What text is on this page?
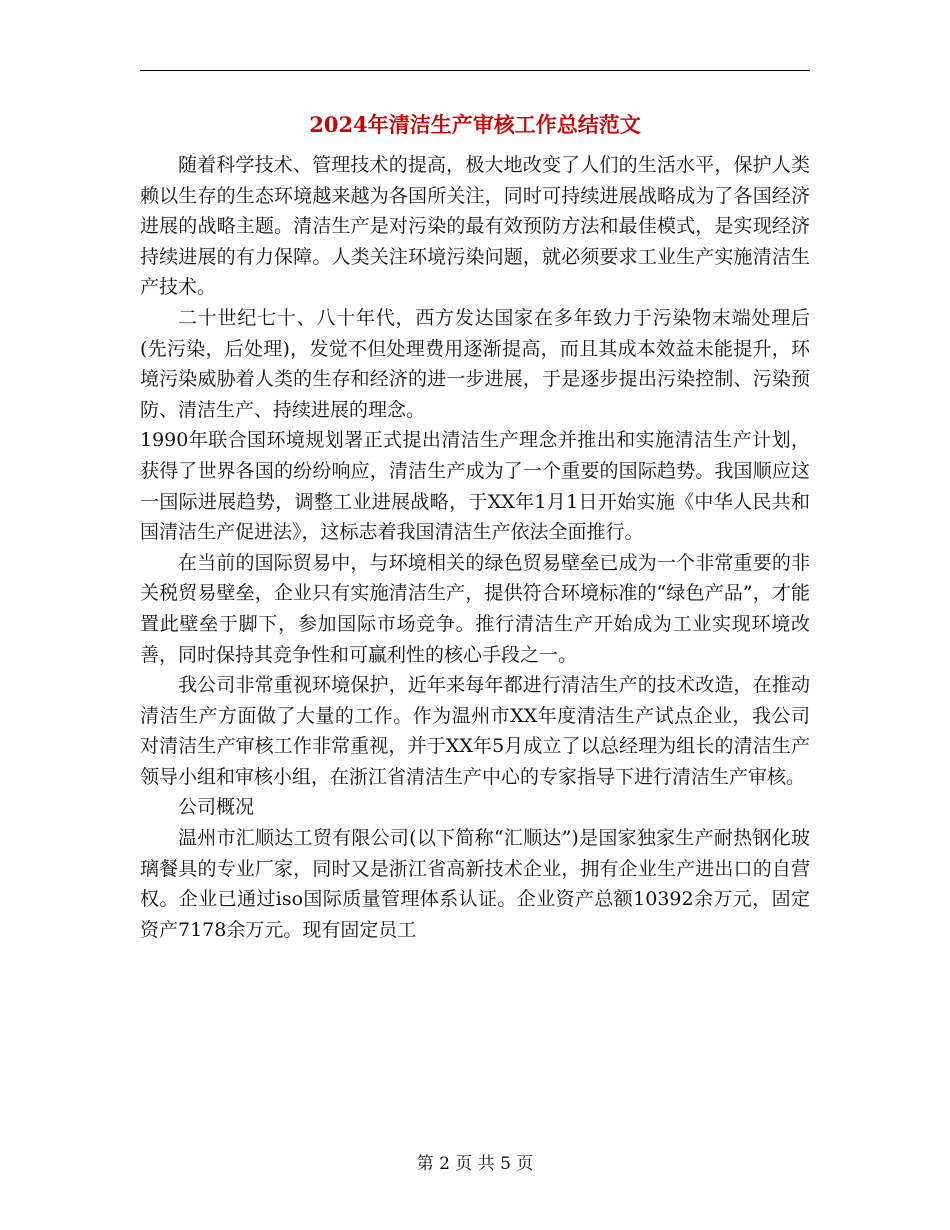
2024年清洁生产审核工作总结范文

随着科学技术、管理技术的提高，极大地改变了人们的生活水平，保护人类赖以生存的生态环境越来越为各国所关注，同时可持续进展战略成为了各国经济进展的战略主题。清洁生产是对污染的最有效预防方法和最佳模式，是实现经济持续进展的有力保障。人类关注环境污染问题，就必须要求工业生产实施清洁生产技术。

二十世纪七十、八十年代，西方发达国家在多年致力于污染物末端处理后(先污染，后处理)，发觉不但处理费用逐渐提高，而且其成本效益未能提升，环境污染威胁着人类的生存和经济的进一步进展，于是逐步提出污染控制、污染预防、清洁生产、持续进展的理念。

1990年联合国环境规划署正式提出清洁生产理念并推出和实施清洁生产计划，获得了世界各国的纷纷响应，清洁生产成为了一个重要的国际趋势。我国顺应这一国际进展趋势，调整工业进展战略，于XX年1月1日开始实施《中华人民共和国清洁生产促进法》，这标志着我国清洁生产依法全面推行。

在当前的国际贸易中，与环境相关的绿色贸易壁垒已成为一个非常重要的非关税贸易壁垒，企业只有实施清洁生产，提供符合环境标准的“绿色产品”，才能置此壁垒于脚下，参加国际市场竞争。推行清洁生产开始成为工业实现环境改善，同时保持其竞争性和可赢利性的核心手段之一。

我公司非常重视环境保护，近年来每年都进行清洁生产的技术改造，在推动清洁生产方面做了大量的工作。作为温州市XX年度清洁生产试点企业，我公司对清洁生产审核工作非常重视，并于XX年5月成立了以总经理为组长的清洁生产领导小组和审核小组，在浙江省清洁生产中心的专家指导下进行清洁生产审核。

公司概况

温州市汇顺达工贸有限公司(以下简称“汇顺达”)是国家独家生产耐热钢化玻璃餐具的专业厂家，同时又是浙江省高新技术企业，拥有企业生产进出口的自营权。企业已通过iso国际质量管理体系认证。企业资产总额10392余万元，固定资产7178余万元。现有固定员工

第 2 页 共 5 页
